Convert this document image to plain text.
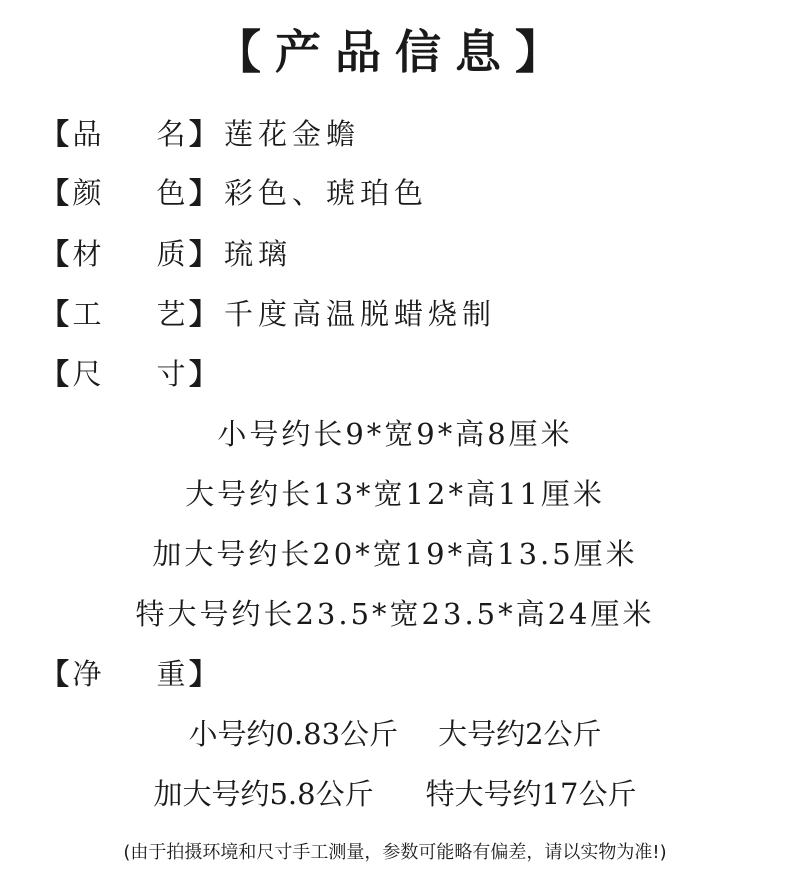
【产品信息】
【 品 名 】 莲花金蟾
【 颜 色 】 彩色、琥珀色
【 材 质 】 琉璃
【 工 艺 】 千度高温脱蜡烧制
【 尺 寸 】
小号约长9*宽9*高8厘米
大号约长13*宽12*高11厘米
加大号约长20*宽19*高13.5厘米
特大号约长23.5*宽23.5*高24厘米
【 净 重 】
小号约0.83公斤 大号约2公斤
加大号约5.8公斤 特大号约17公斤
(由于拍摄环境和尺寸手工测量，参数可能略有偏差，请以实物为准!)
